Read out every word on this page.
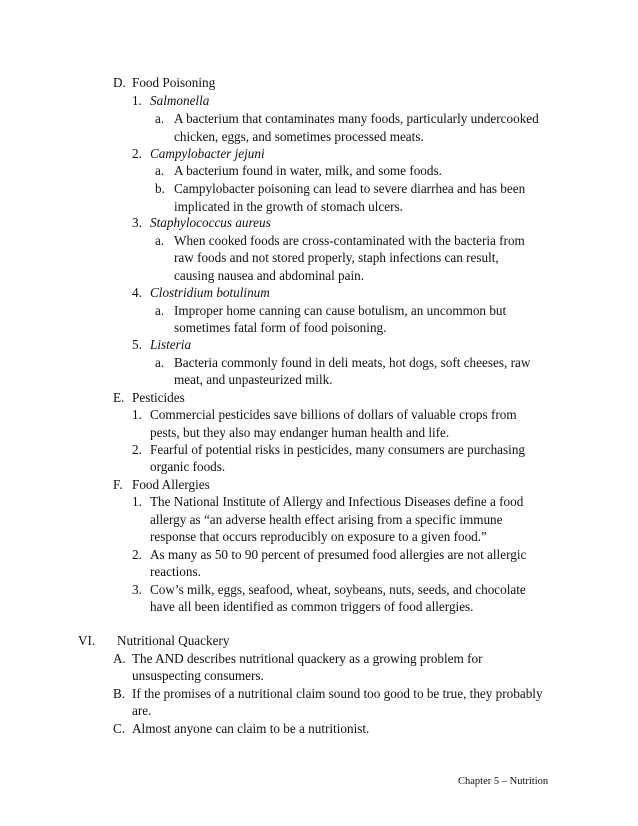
D. Food Poisoning
1. Salmonella
a. A bacterium that contaminates many foods, particularly undercooked
chicken, eggs, and sometimes processed meats.
2. Campylobacter jejuni
a. A bacterium found in water, milk, and some foods.
b. Campylobacter poisoning can lead to severe diarrhea and has been
implicated in the growth of stomach ulcers.
3. Staphylococcus aureus
a. When cooked foods are cross-contaminated with the bacteria from
raw foods and not stored properly, staph infections can result,
causing nausea and abdominal pain.
4. Clostridium botulinum
a. Improper home canning can cause botulism, an uncommon but
sometimes fatal form of food poisoning.
5. Listeria
a. Bacteria commonly found in deli meats, hot dogs, soft cheeses, raw
meat, and unpasteurized milk.
E. Pesticides
1. Commercial pesticides save billions of dollars of valuable crops from
pests, but they also may endanger human health and life.
2. Fearful of potential risks in pesticides, many consumers are purchasing
organic foods.
F. Food Allergies
1. The National Institute of Allergy and Infectious Diseases define a food
allergy as “an adverse health effect arising from a specific immune
response that occurs reproducibly on exposure to a given food.”
2. As many as 50 to 90 percent of presumed food allergies are not allergic
reactions.
3. Cow’s milk, eggs, seafood, wheat, soybeans, nuts, seeds, and chocolate
have all been identified as common triggers of food allergies.
VI. Nutritional Quackery
A. The AND describes nutritional quackery as a growing problem for
unsuspecting consumers.
B. If the promises of a nutritional claim sound too good to be true, they probably
are.
C. Almost anyone can claim to be a nutritionist.
Chapter 5 – Nutrition
